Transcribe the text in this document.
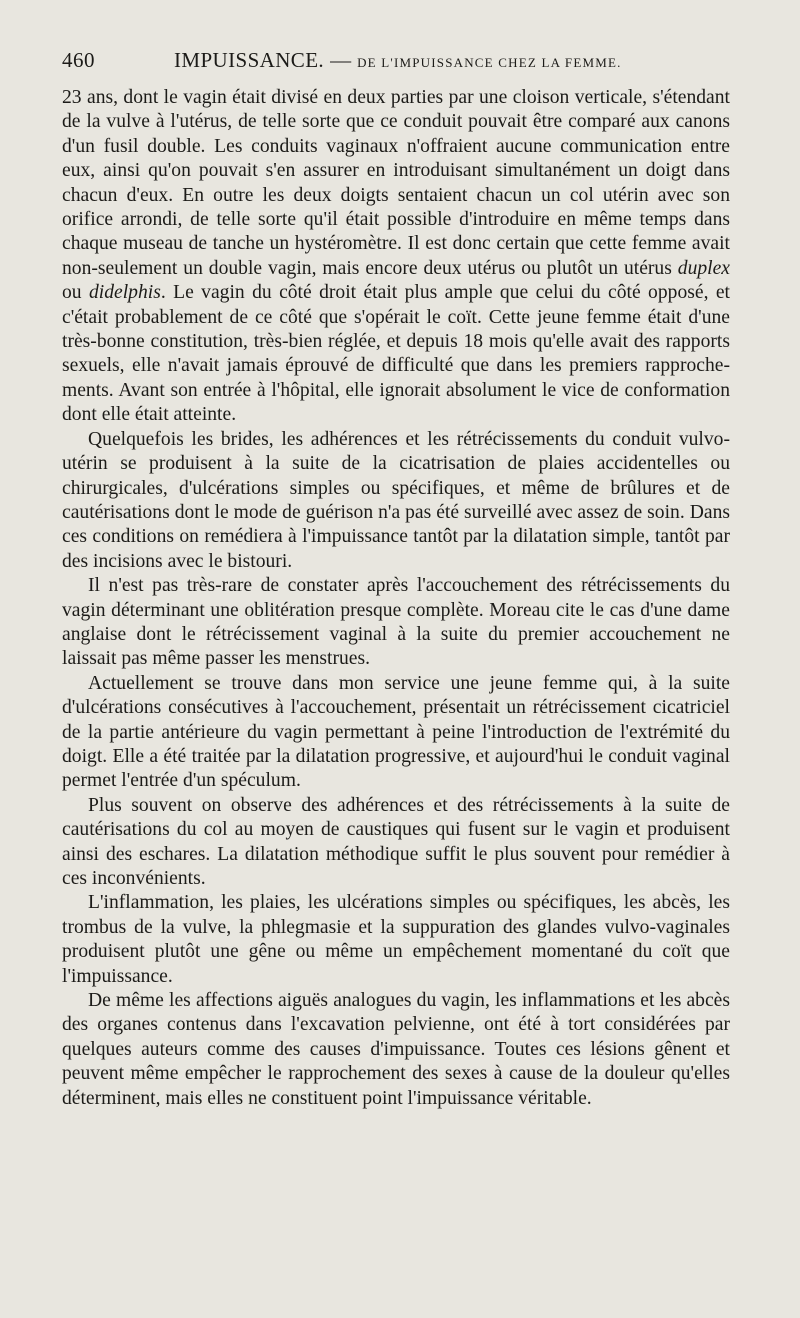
460	IMPUISSANCE. — DE L'IMPUISSANCE CHEZ LA FEMME.

23 ans, dont le vagin était divisé en deux parties par une cloison verticale, s'étendant de la vulve à l'utérus, de telle sorte que ce conduit pouvait être comparé aux canons d'un fusil double. Les conduits vaginaux n'offraient aucune communication entre eux, ainsi qu'on pouvait s'en assurer en introduisant simultanément un doigt dans chacun d'eux. En outre les deux doigts sentaient chacun un col utérin avec son orifice arrondi, de telle sorte qu'il était possible d'introduire en même temps dans chaque museau de tanche un hystéromètre. Il est donc certain que cette femme avait non-seulement un double vagin, mais encore deux utérus ou plutôt un utérus duplex ou didelphis. Le vagin du côté droit était plus ample que celui du côté opposé, et c'était probablement de ce côté que s'opérait le coït. Cette jeune femme était d'une très-bonne constitution, très-bien réglée, et depuis 18 mois qu'elle avait des rapports sexuels, elle n'avait jamais éprouvé de difficulté que dans les premiers rapprochements. Avant son entrée à l'hôpital, elle ignorait absolument le vice de conformation dont elle était atteinte.

Quelquefois les brides, les adhérences et les rétrécissements du conduit vulvo-utérin se produisent à la suite de la cicatrisation de plaies accidentelles ou chirurgicales, d'ulcérations simples ou spécifiques, et même de brûlures et de cautérisations dont le mode de guérison n'a pas été surveillé avec assez de soin. Dans ces conditions on remédiera à l'impuissance tantôt par la dilatation simple, tantôt par des incisions avec le bistouri.

Il n'est pas très-rare de constater après l'accouchement des rétrécissements du vagin déterminant une oblitération presque complète. Moreau cite le cas d'une dame anglaise dont le rétrécissement vaginal à la suite du premier accouchement ne laissait pas même passer les menstrues.

Actuellement se trouve dans mon service une jeune femme qui, à la suite d'ulcérations consécutives à l'accouchement, présentait un rétrécissement cicatriciel de la partie antérieure du vagin permettant à peine l'introduction de l'extrémité du doigt. Elle a été traitée par la dilatation progressive, et aujourd'hui le conduit vaginal permet l'entrée d'un spéculum.

Plus souvent on observe des adhérences et des rétrécissements à la suite de cautérisations du col au moyen de caustiques qui fusent sur le vagin et produisent ainsi des eschares. La dilatation méthodique suffit le plus souvent pour remédier à ces inconvénients.

L'inflammation, les plaies, les ulcérations simples ou spécifiques, les abcès, les trombus de la vulve, la phlegmasie et la suppuration des glandes vulvo-vaginales produisent plutôt une gêne ou même un empêchement momentané du coït que l'impuissance.

De même les affections aiguës analogues du vagin, les inflammations et les abcès des organes contenus dans l'excavation pelvienne, ont été à tort considérées par quelques auteurs comme des causes d'impuissance. Toutes ces lésions gênent et peuvent même empêcher le rapprochement des sexes à cause de la douleur qu'elles déterminent, mais elles ne constituent point l'impuissance véritable.
